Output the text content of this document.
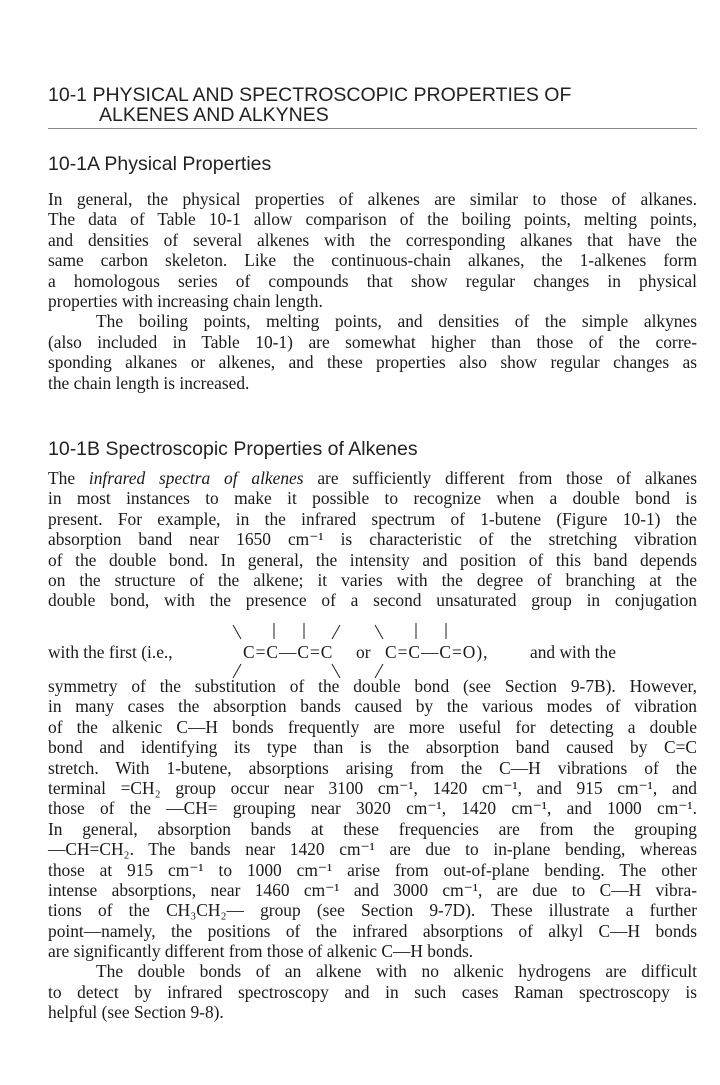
10-1 PHYSICAL AND SPECTROSCOPIC PROPERTIES OF
ALKENES AND ALKYNES
10-1A Physical Properties
In general, the physical properties of alkenes are similar to those of alkanes.
The data of Table 10-1 allow comparison of the boiling points, melting points,
and densities of several alkenes with the corresponding alkanes that have the
same carbon skeleton. Like the continuous-chain alkanes, the 1-alkenes form
a homologous series of compounds that show regular changes in physical
properties with increasing chain length.
The boiling points, melting points, and densities of the simple alkynes
(also included in Table 10-1) are somewhat higher than those of the corre-
sponding alkanes or alkenes, and these properties also show regular changes as
the chain length is increased.
10-1B Spectroscopic Properties of Alkenes
The infrared spectra of alkenes are sufficiently different from those of alkanes
in most instances to make it possible to recognize when a double bond is
present. For example, in the infrared spectrum of 1-butene (Figure 10-1) the
absorption band near 1650 cm⁻¹ is characteristic of the stretching vibration
of the double bond. In general, the intensity and position of this band depends
on the structure of the alkene; it varies with the degree of branching at the
double bond, with the presence of a second unsaturated group in conjugation
with the first (i.e.,	C=C—C=C or C=C—C=O), and with the
symmetry of the substitution of the double bond (see Section 9-7B). However,
in many cases the absorption bands caused by the various modes of vibration
of the alkenic C—H bonds frequently are more useful for detecting a double
bond and identifying its type than is the absorption band caused by C=C
stretch. With 1-butene, absorptions arising from the C—H vibrations of the
terminal =CH₂ group occur near 3100 cm⁻¹, 1420 cm⁻¹, and 915 cm⁻¹, and
those of the —CH= grouping near 3020 cm⁻¹, 1420 cm⁻¹, and 1000 cm⁻¹.
In general, absorption bands at these frequencies are from the grouping
—CH=CH₂. The bands near 1420 cm⁻¹ are due to in-plane bending, whereas
those at 915 cm⁻¹ to 1000 cm⁻¹ arise from out-of-plane bending. The other
intense absorptions, near 1460 cm⁻¹ and 3000 cm⁻¹, are due to C—H vibra-
tions of the CH₃CH₂— group (see Section 9-7D). These illustrate a further
point—namely, the positions of the infrared absorptions of alkyl C—H bonds
are significantly different from those of alkenic C—H bonds.
The double bonds of an alkene with no alkenic hydrogens are difficult
to detect by infrared spectroscopy and in such cases Raman spectroscopy is
helpful (see Section 9-8).
